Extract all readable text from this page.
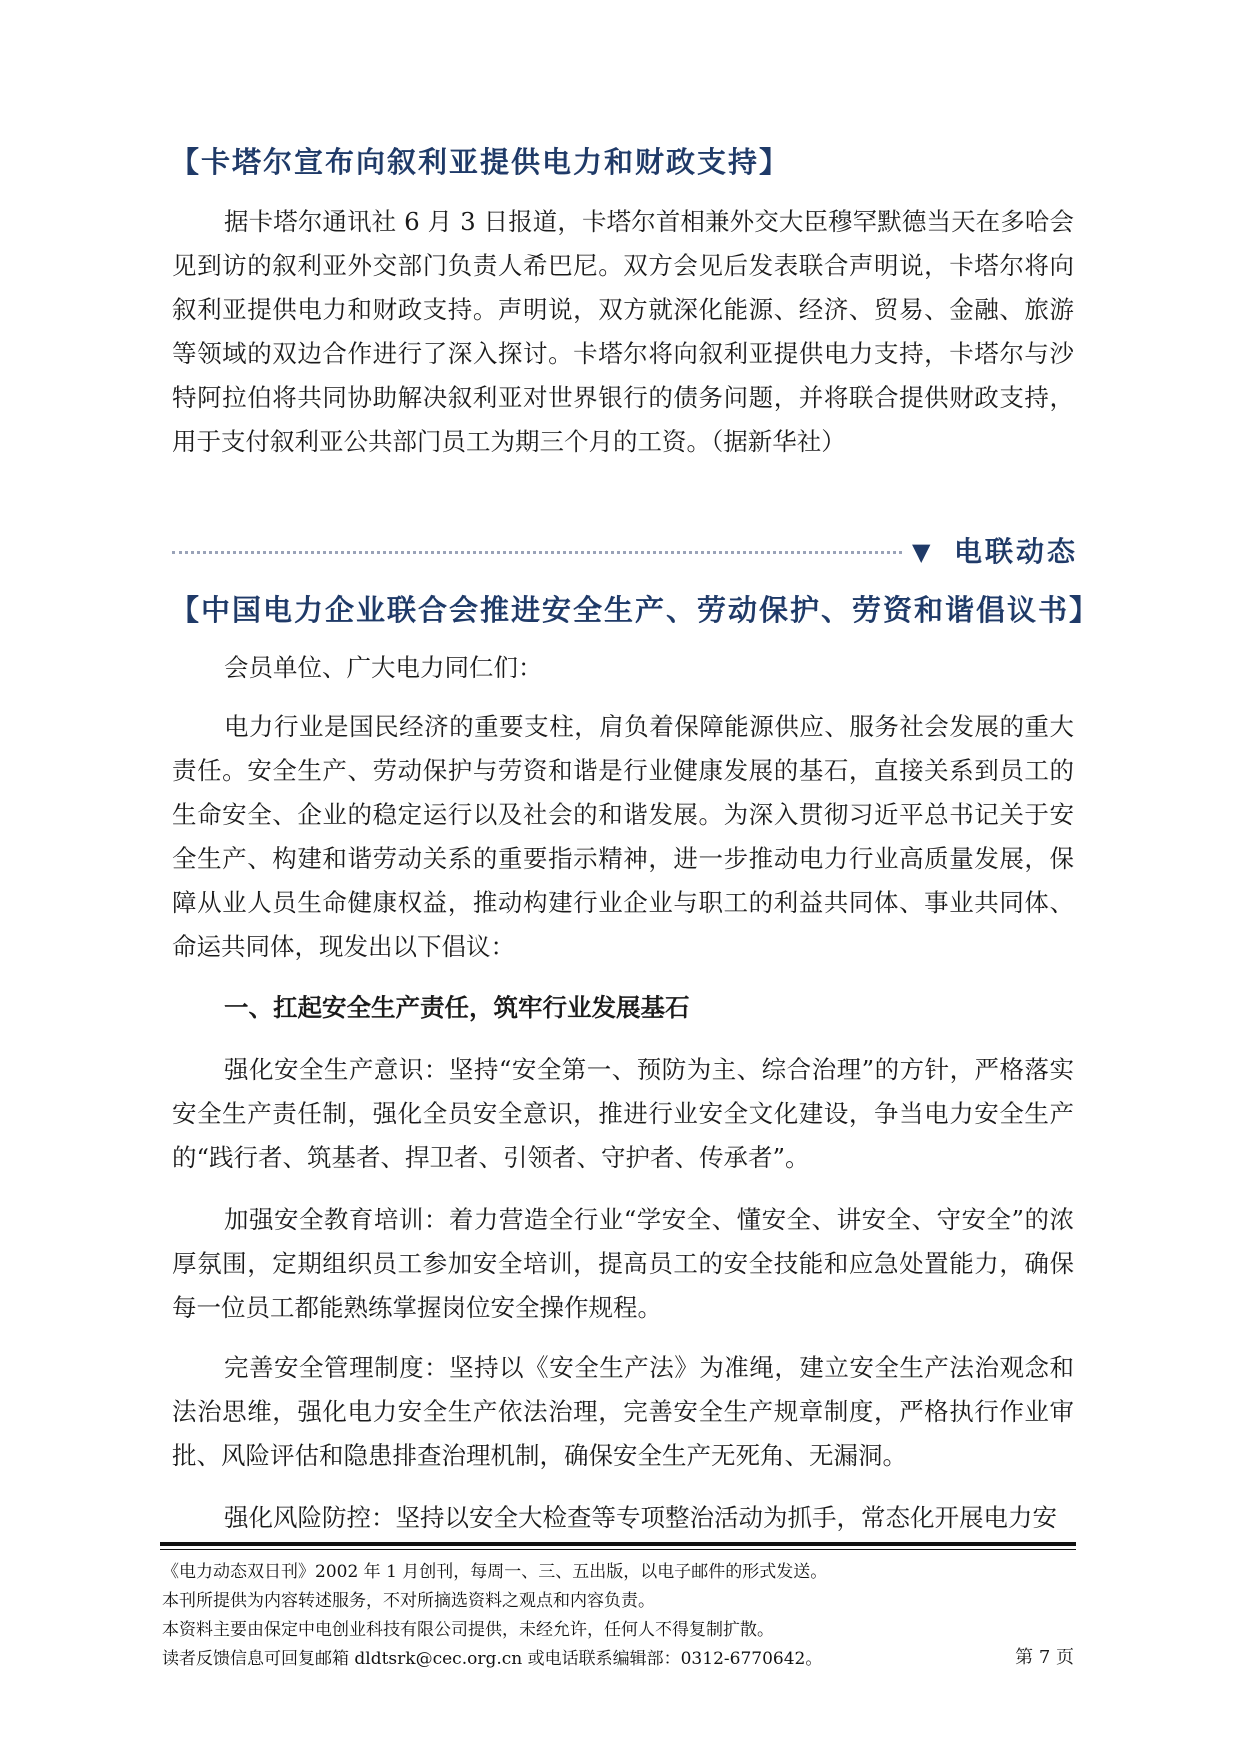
【卡塔尔宣布向叙利亚提供电力和财政支持】

据卡塔尔通讯社 6 月 3 日报道，卡塔尔首相兼外交大臣穆罕默德当天在多哈会见到访的叙利亚外交部门负责人希巴尼。双方会见后发表联合声明说，卡塔尔将向叙利亚提供电力和财政支持。声明说，双方就深化能源、经济、贸易、金融、旅游等领域的双边合作进行了深入探讨。卡塔尔将向叙利亚提供电力支持，卡塔尔与沙特阿拉伯将共同协助解决叙利亚对世界银行的债务问题，并将联合提供财政支持，用于支付叙利亚公共部门员工为期三个月的工资。（据新华社）

▼ 电联动态
【中国电力企业联合会推进安全生产、劳动保护、劳资和谐倡议书】

会员单位、广大电力同仁们：

电力行业是国民经济的重要支柱，肩负着保障能源供应、服务社会发展的重大责任。安全生产、劳动保护与劳资和谐是行业健康发展的基石，直接关系到员工的生命安全、企业的稳定运行以及社会的和谐发展。为深入贯彻习近平总书记关于安全生产、构建和谐劳动关系的重要指示精神，进一步推动电力行业高质量发展，保障从业人员生命健康权益，推动构建行业企业与职工的利益共同体、事业共同体、命运共同体，现发出以下倡议：

一、扛起安全生产责任，筑牢行业发展基石

强化安全生产意识：坚持“安全第一、预防为主、综合治理”的方针，严格落实安全生产责任制，强化全员安全意识，推进行业安全文化建设，争当电力安全生产的“践行者、筑基者、捍卫者、引领者、守护者、传承者”。

加强安全教育培训：着力营造全行业“学安全、懂安全、讲安全、守安全”的浓厚氛围，定期组织员工参加安全培训，提高员工的安全技能和应急处置能力，确保每一位员工都能熟练掌握岗位安全操作规程。

完善安全管理制度：坚持以《安全生产法》为准绳，建立安全生产法治观念和法治思维，强化电力安全生产依法治理，完善安全生产规章制度，严格执行作业审批、风险评估和隐患排查治理机制，确保安全生产无死角、无漏洞。

强化风险防控：坚持以安全大检查等专项整治活动为抓手，常态化开展电力安

《电力动态双日刊》2002 年 1 月创刊，每周一、三、五出版，以电子邮件的形式发送。

本刊所提供为内容转述服务，不对所摘选资料之观点和内容负责。

本资料主要由保定中电创业科技有限公司提供，未经允许，任何人不得复制扩散。

读者反馈信息可回复邮箱 dldtsrk@cec.org.cn 或电话联系编辑部：0312-6770642。	第 7 页
